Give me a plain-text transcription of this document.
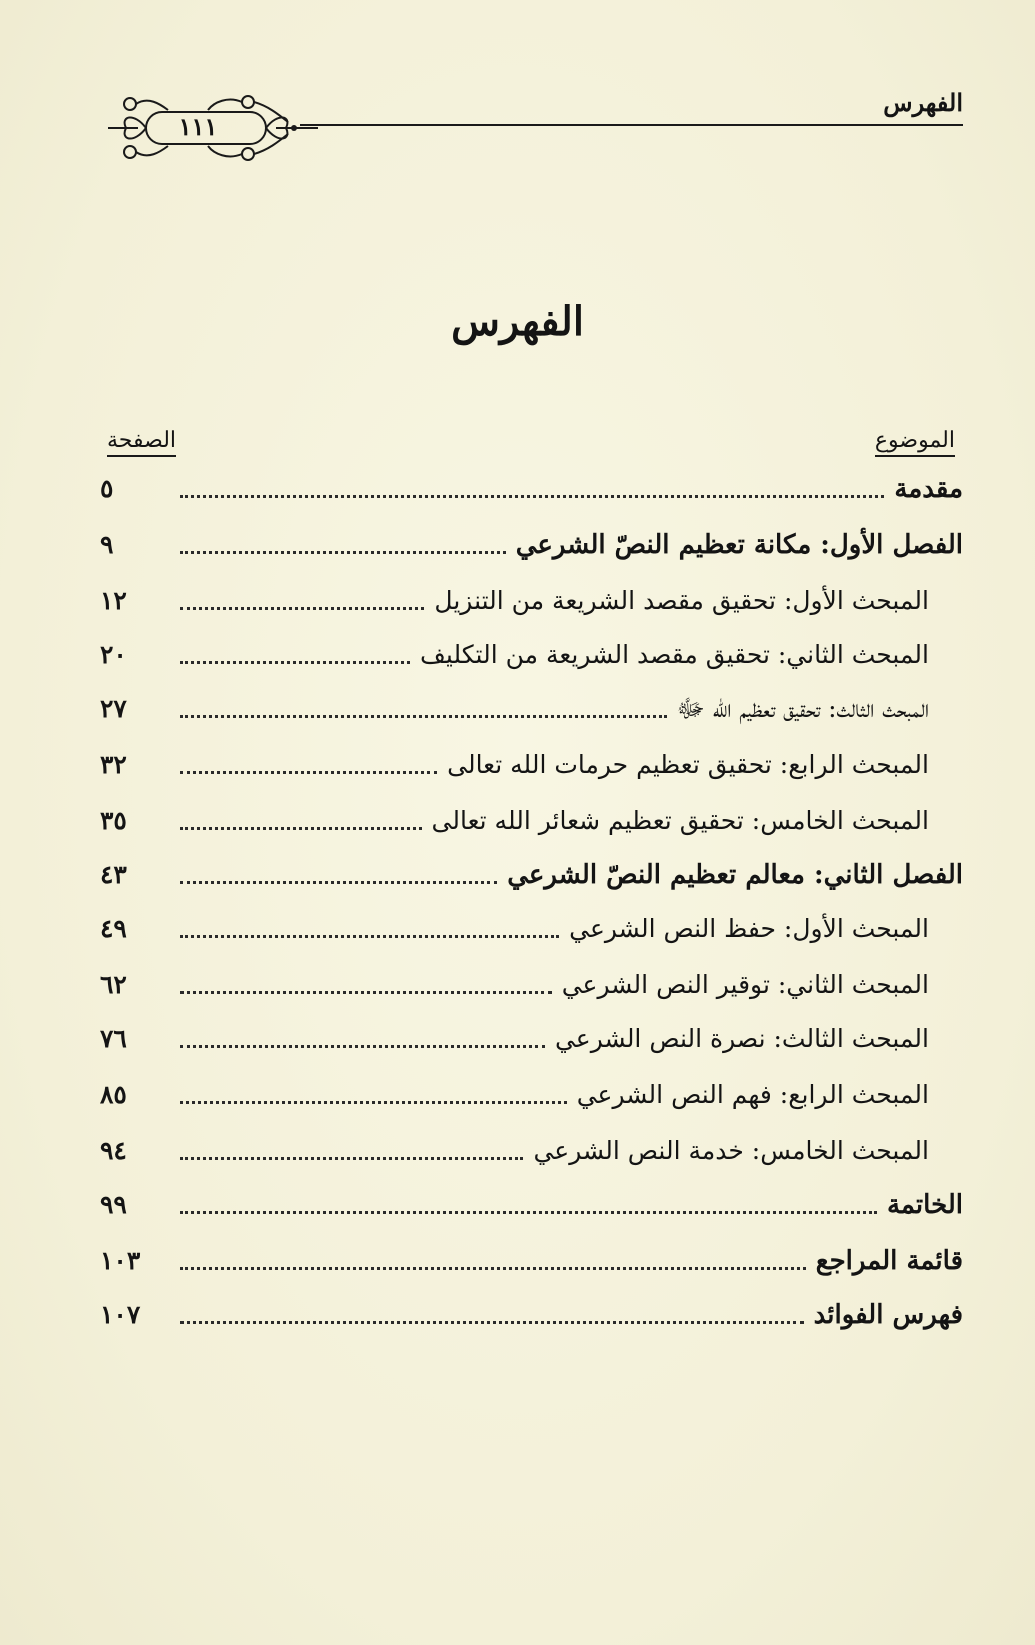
الفهرس
١١١
الفهرس
الموضوع
الصفحة
مقدمة
٥
الفصل الأول: مكانة تعظيم النصّ الشرعي
٩
المبحث الأول: تحقيق مقصد الشريعة من التنزيل
١٢
المبحث الثاني: تحقيق مقصد الشريعة من التكليف
٢٠
المبحث الثالث: تحقيق تعظيم الله ﷻ
٢٧
المبحث الرابع: تحقيق تعظيم حرمات الله تعالى
٣٢
المبحث الخامس: تحقيق تعظيم شعائر الله تعالى
٣٥
الفصل الثاني: معالم تعظيم النصّ الشرعي
٤٣
المبحث الأول: حفظ النص الشرعي
٤٩
المبحث الثاني: توقير النص الشرعي
٦٢
المبحث الثالث: نصرة النص الشرعي
٧٦
المبحث الرابع: فهم النص الشرعي
٨٥
المبحث الخامس: خدمة النص الشرعي
٩٤
الخاتمة
٩٩
قائمة المراجع
١٠٣
فهرس الفوائد
١٠٧
